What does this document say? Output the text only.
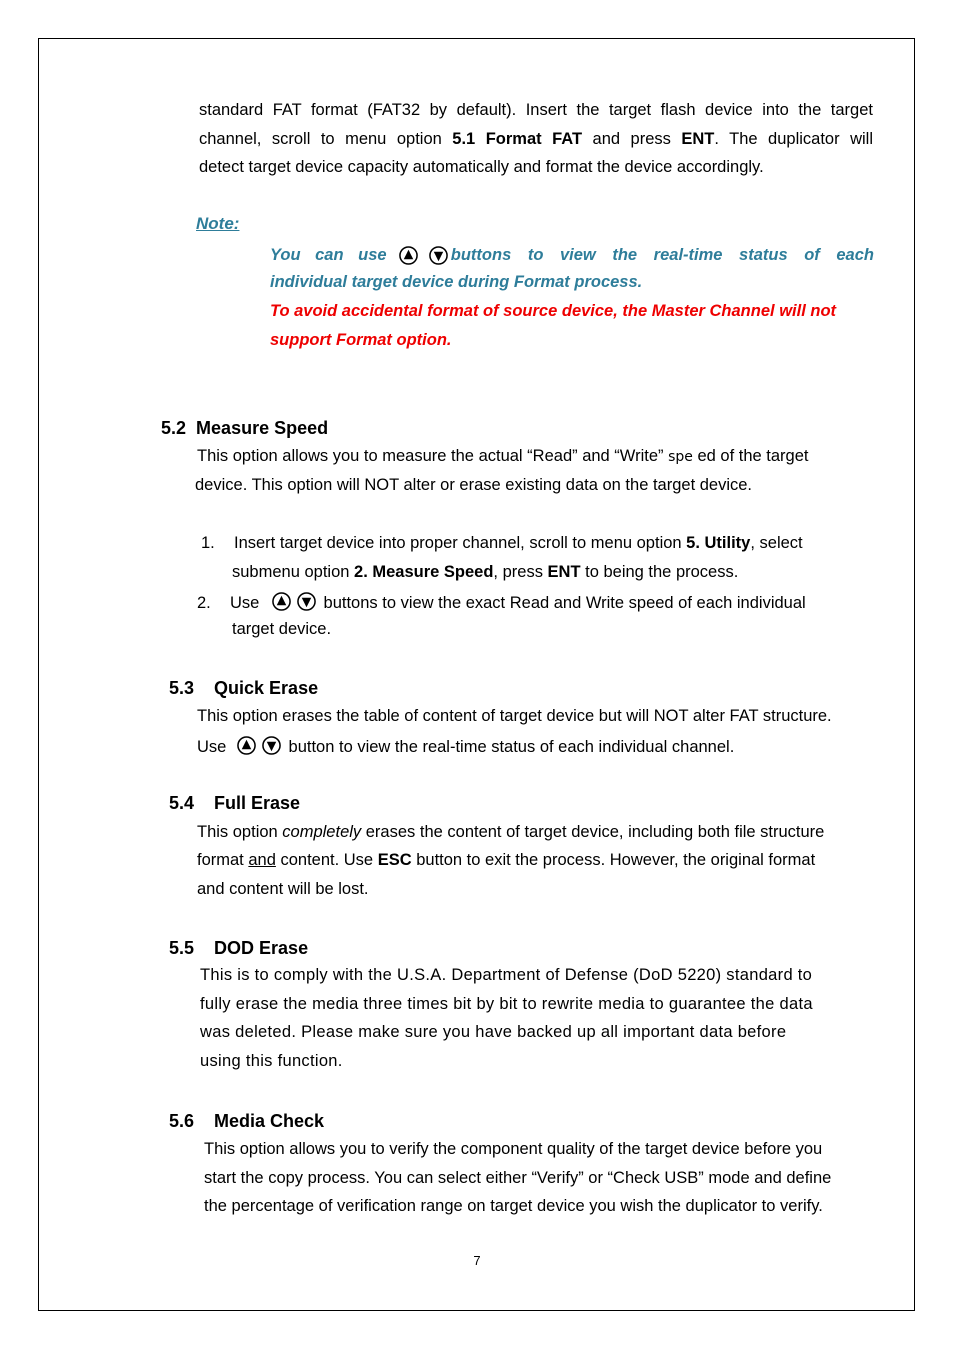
standard FAT format (FAT32 by default). Insert the target flash device into the target
channel, scroll to menu option 5.1 Format FAT and press ENT. The duplicator will
detect target device capacity automatically and format the device accordingly.
Note:
You can use	buttons to view the real-time status of each
individual target device during Format process.
To avoid accidental format of source device, the Master Channel will not
support Format option.
5.2 Measure Speed
This option allows you to measure the actual “Read” and “Write” spe ed of the target
device. This option will NOT alter or erase existing data on the target device.
1. Insert target device into proper channel, scroll to menu option 5. Utility, select
submenu option 2. Measure Speed, press ENT to being the process.
2. Use	buttons to view the exact Read and Write speed of each individual
target device.
5.3 Quick Erase
This option erases the table of content of target device but will NOT alter FAT structure.
Use	button to view the real-time status of each individual channel.
5.4 Full Erase
This option completely erases the content of target device, including both file structure
format and content. Use ESC button to exit the process. However, the original format
and content will be lost.
5.5 DOD Erase
This is to comply with the U.S.A. Department of Defense (DoD 5220) standard to
fully erase the media three times bit by bit to rewrite media to guarantee the data
was deleted. Please make sure you have backed up all important data before
using this function.
5.6 Media Check
This option allows you to verify the component quality of the target device before you
start the copy process. You can select either “Verify” or “Check USB” mode and define
the percentage of verification range on target device you wish the duplicator to verify.
7
